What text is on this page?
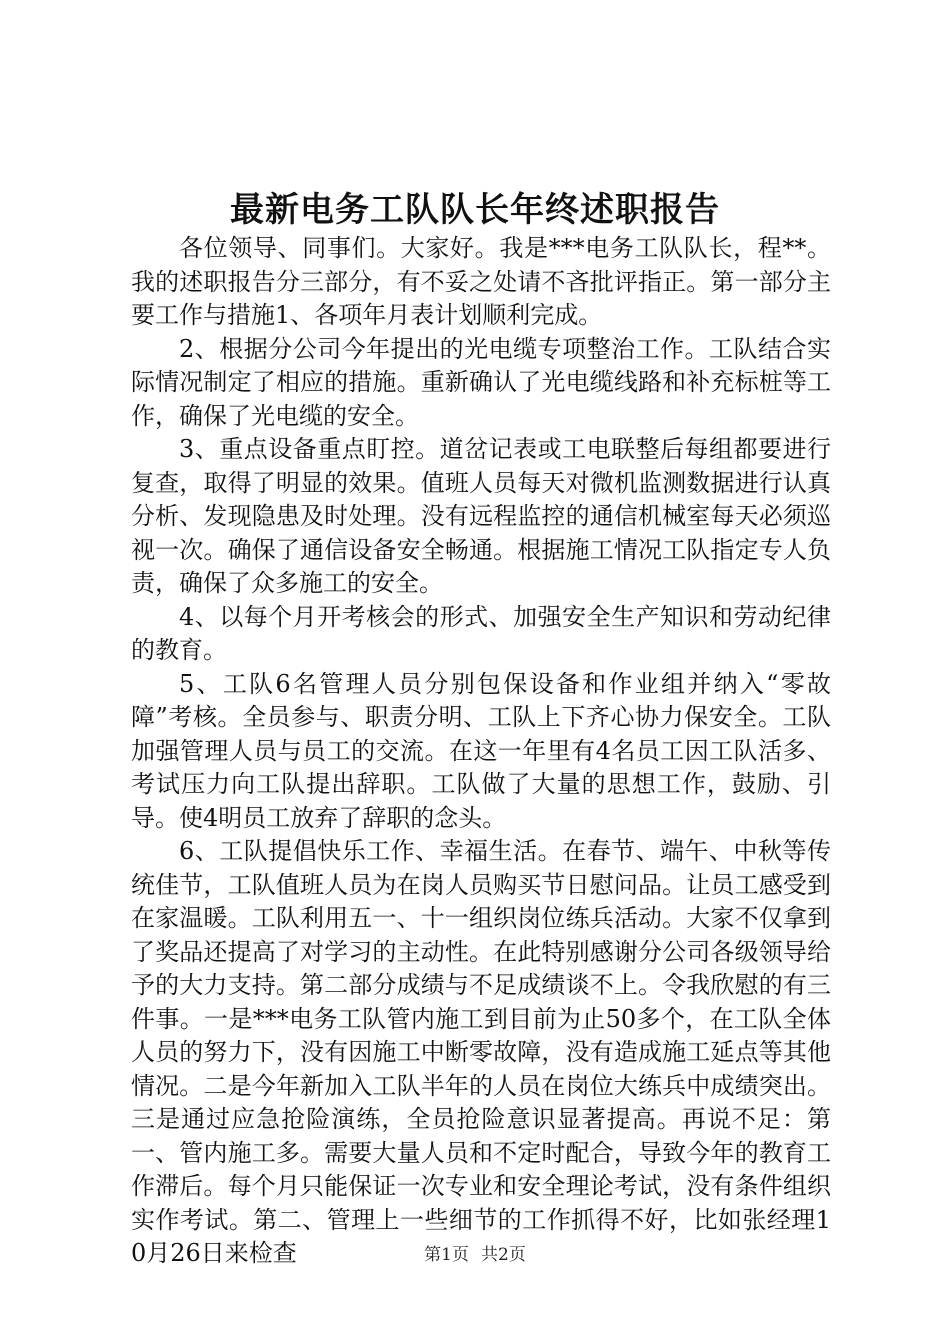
最新电务工队队长年终述职报告

各位领导、同事们。大家好。我是***电务工队队长，程**。我的述职报告分三部分，有不妥之处请不吝批评指正。第一部分主要工作与措施1、各项年月表计划顺利完成。

2、根据分公司今年提出的光电缆专项整治工作。工队结合实际情况制定了相应的措施。重新确认了光电缆线路和补充标桩等工作，确保了光电缆的安全。

3、重点设备重点盯控。道岔记表或工电联整后每组都要进行复查，取得了明显的效果。值班人员每天对微机监测数据进行认真分析、发现隐患及时处理。没有远程监控的通信机械室每天必须巡视一次。确保了通信设备安全畅通。根据施工情况工队指定专人负责，确保了众多施工的安全。

4、以每个月开考核会的形式、加强安全生产知识和劳动纪律的教育。

5、工队6名管理人员分别包保设备和作业组并纳入“零故障”考核。全员参与、职责分明、工队上下齐心协力保安全。工队加强管理人员与员工的交流。在这一年里有4名员工因工队活多、考试压力向工队提出辞职。工队做了大量的思想工作，鼓励、引导。使4明员工放弃了辞职的念头。

6、工队提倡快乐工作、幸福生活。在春节、端午、中秋等传统佳节，工队值班人员为在岗人员购买节日慰问品。让员工感受到在家温暖。工队利用五一、十一组织岗位练兵活动。大家不仅拿到了奖品还提高了对学习的主动性。在此特别感谢分公司各级领导给予的大力支持。第二部分成绩与不足成绩谈不上。令我欣慰的有三件事。一是***电务工队管内施工到目前为止50多个，在工队全体人员的努力下，没有因施工中断零故障，没有造成施工延点等其他情况。二是今年新加入工队半年的人员在岗位大练兵中成绩突出。三是通过应急抢险演练，全员抢险意识显著提高。再说不足：第一、管内施工多。需要大量人员和不定时配合，导致今年的教育工作滞后。每个月只能保证一次专业和安全理论考试，没有条件组织实作考试。第二、管理上一些细节的工作抓得不好，比如张经理10月26日来检查	第1页 共2页
